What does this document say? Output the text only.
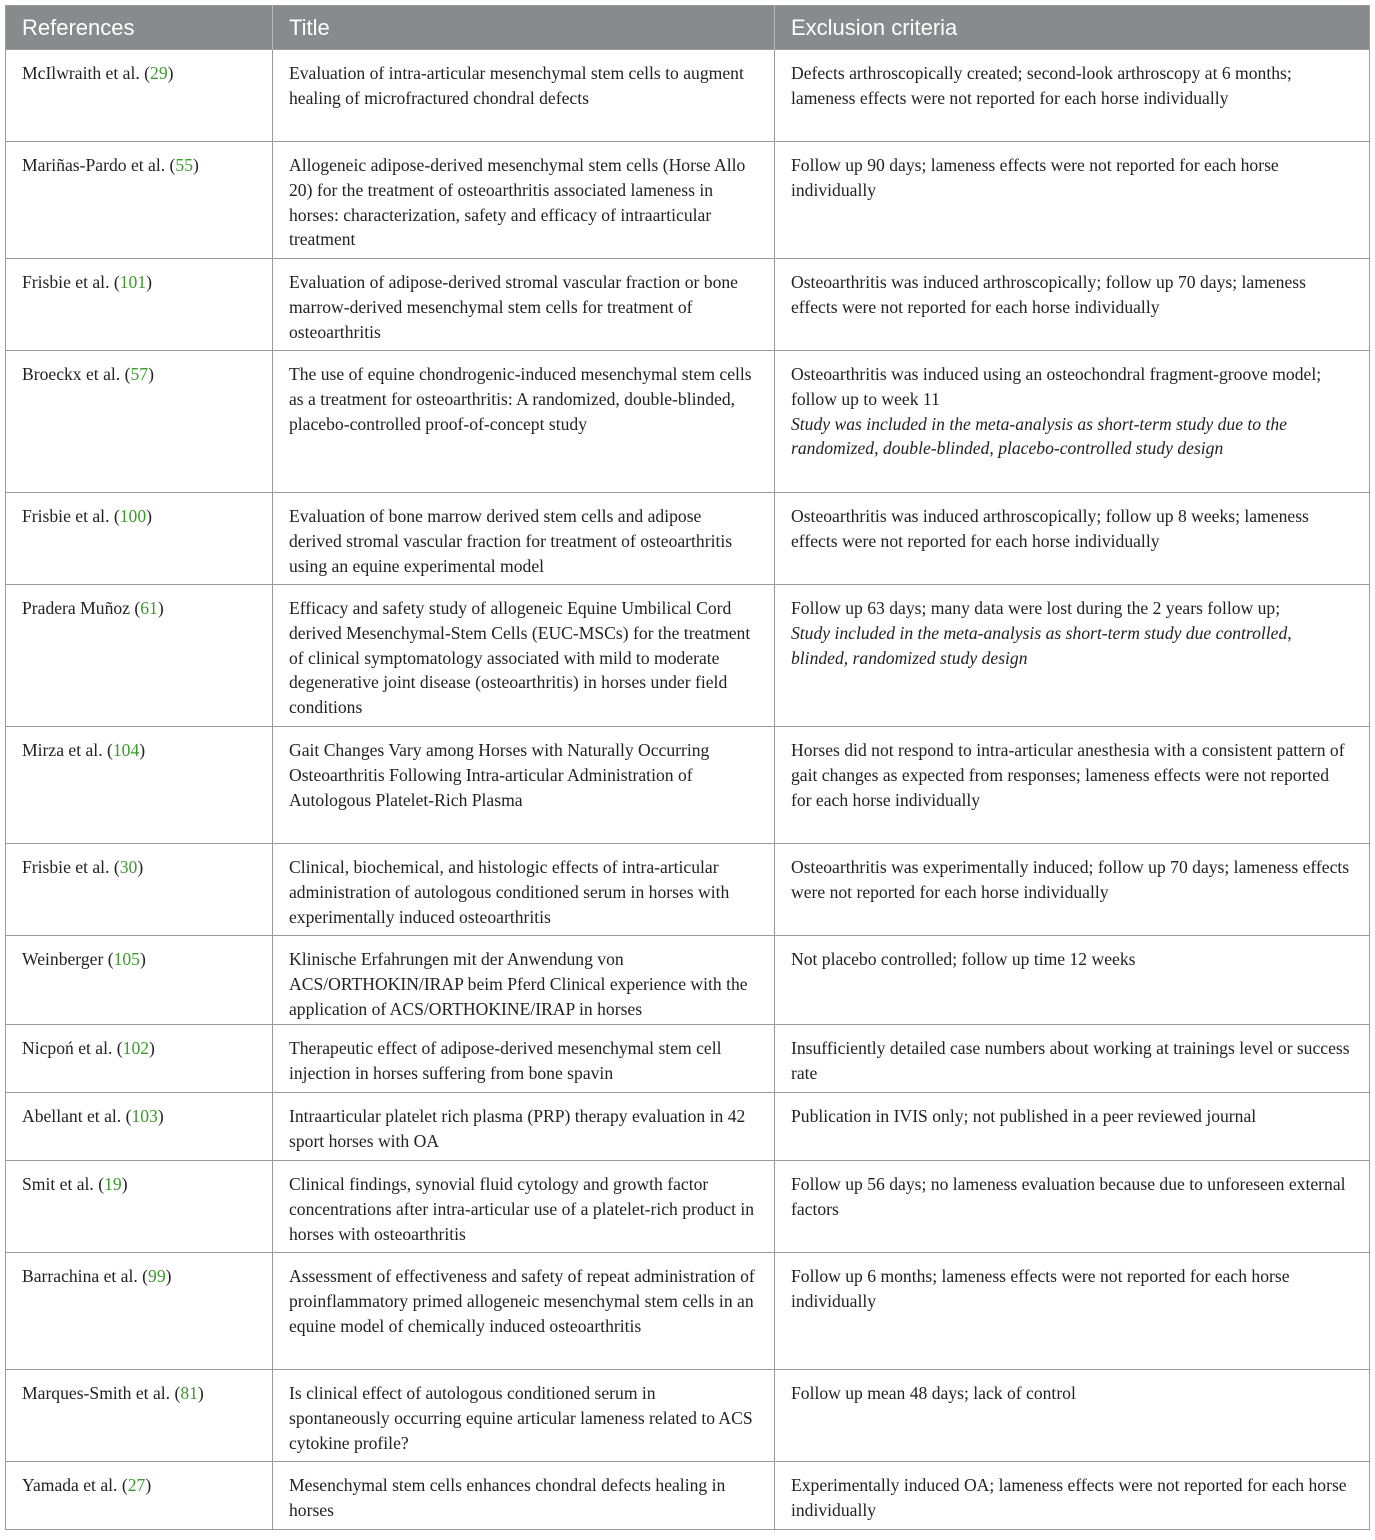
References	Title	Exclusion criteria
McIlwraith et al. (29)	Evaluation of intra-articular mesenchymal stem cells to augment healing of microfractured chondral defects	Defects arthroscopically created; second-look arthroscopy at 6 months; lameness effects were not reported for each horse individually
Mariñas-Pardo et al. (55)	Allogeneic adipose-derived mesenchymal stem cells (Horse Allo 20) for the treatment of osteoarthritis associated lameness in horses: characterization, safety and efficacy of intraarticular treatment	Follow up 90 days; lameness effects were not reported for each horse individually
Frisbie et al. (101)	Evaluation of adipose-derived stromal vascular fraction or bone marrow-derived mesenchymal stem cells for treatment of osteoarthritis	Osteoarthritis was induced arthroscopically; follow up 70 days; lameness effects were not reported for each horse individually
Broeckx et al. (57)	The use of equine chondrogenic-induced mesenchymal stem cells as a treatment for osteoarthritis: A randomized, double-blinded, placebo-controlled proof-of-concept study	Osteoarthritis was induced using an osteochondral fragment-groove model; follow up to week 11
Study was included in the meta-analysis as short-term study due to the randomized, double-blinded, placebo-controlled study design

Frisbie et al. (100)	Evaluation of bone marrow derived stem cells and adipose derived stromal vascular fraction for treatment of osteoarthritis using an equine experimental model	Osteoarthritis was induced arthroscopically; follow up 8 weeks; lameness effects were not reported for each horse individually
Pradera Muñoz (61)	Efficacy and safety study of allogeneic Equine Umbilical Cord derived Mesenchymal-Stem Cells (EUC-MSCs) for the treatment of clinical symptomatology associated with mild to moderate degenerative joint disease (osteoarthritis) in horses under field conditions	Follow up 63 days; many data were lost during the 2 years follow up;
Study included in the meta-analysis as short-term study due controlled, blinded, randomized study design

Mirza et al. (104)	Gait Changes Vary among Horses with Naturally Occurring Osteoarthritis Following Intra-articular Administration of Autologous Platelet-Rich Plasma	Horses did not respond to intra-articular anesthesia with a consistent pattern of gait changes as expected from responses; lameness effects were not reported for each horse individually
Frisbie et al. (30)	Clinical, biochemical, and histologic effects of intra-articular administration of autologous conditioned serum in horses with experimentally induced osteoarthritis	Osteoarthritis was experimentally induced; follow up 70 days; lameness effects were not reported for each horse individually
Weinberger (105)	Klinische Erfahrungen mit der Anwendung von ACS/ORTHOKIN/IRAP beim Pferd Clinical experience with the application of ACS/ORTHOKINE/IRAP in horses	Not placebo controlled; follow up time 12 weeks
Nicpoń et al. (102)	Therapeutic effect of adipose-derived mesenchymal stem cell injection in horses suffering from bone spavin	Insufficiently detailed case numbers about working at trainings level or success rate
Abellant et al. (103)	Intraarticular platelet rich plasma (PRP) therapy evaluation in 42 sport horses with OA	Publication in IVIS only; not published in a peer reviewed journal
Smit et al. (19)	Clinical findings, synovial fluid cytology and growth factor concentrations after intra-articular use of a platelet-rich product in horses with osteoarthritis	Follow up 56 days; no lameness evaluation because due to unforeseen external factors
Barrachina et al. (99)	Assessment of effectiveness and safety of repeat administration of proinflammatory primed allogeneic mesenchymal stem cells in an equine model of chemically induced osteoarthritis	Follow up 6 months; lameness effects were not reported for each horse individually
Marques-Smith et al. (81)	Is clinical effect of autologous conditioned serum in spontaneously occurring equine articular lameness related to ACS cytokine profile?	Follow up mean 48 days; lack of control
Yamada et al. (27)	Mesenchymal stem cells enhances chondral defects healing in horses	Experimentally induced OA; lameness effects were not reported for each horse individually
